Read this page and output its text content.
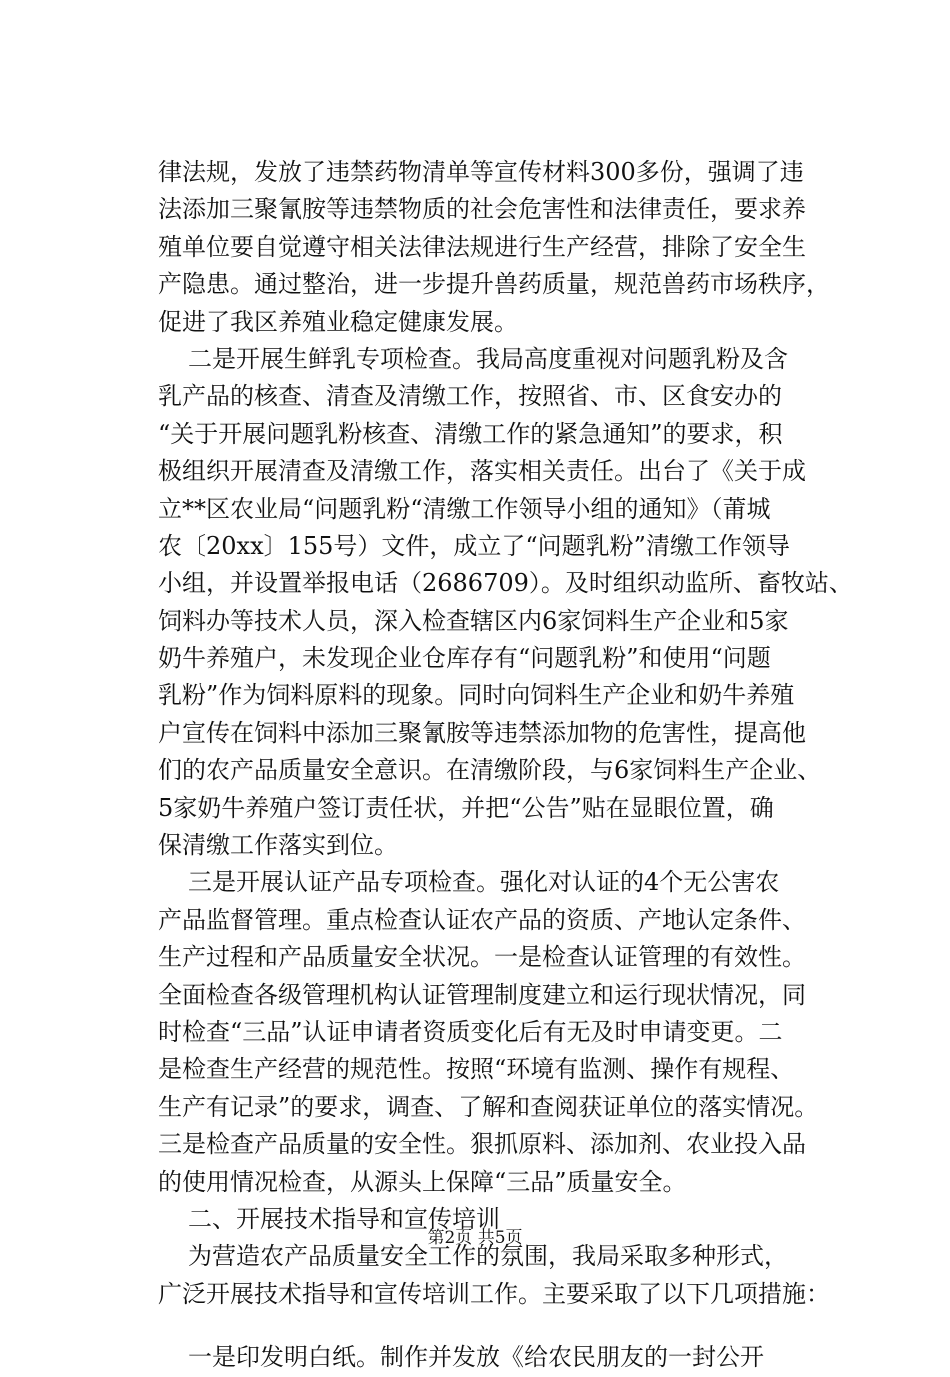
律法规，发放了违禁药物清单等宣传材料300多份，强调了违
法添加三聚氰胺等违禁物质的社会危害性和法律责任，要求养
殖单位要自觉遵守相关法律法规进行生产经营，排除了安全生
产隐患。通过整治，进一步提升兽药质量，规范兽药市场秩序，
促进了我区养殖业稳定健康发展。
二是开展生鲜乳专项检查。我局高度重视对问题乳粉及含
乳产品的核查、清查及清缴工作，按照省、市、区食安办的
“关于开展问题乳粉核查、清缴工作的紧急通知”的要求，积
极组织开展清查及清缴工作，落实相关责任。出台了《关于成
立**区农业局“问题乳粉“清缴工作领导小组的通知》（莆城
农〔20xx〕155号）文件，成立了“问题乳粉”清缴工作领导
小组，并设置举报电话（2686709）。及时组织动监所、畜牧站、
饲料办等技术人员，深入检查辖区内6家饲料生产企业和5家
奶牛养殖户，未发现企业仓库存有“问题乳粉”和使用“问题
乳粉”作为饲料原料的现象。同时向饲料生产企业和奶牛养殖
户宣传在饲料中添加三聚氰胺等违禁添加物的危害性，提高他
们的农产品质量安全意识。在清缴阶段，与6家饲料生产企业、
5家奶牛养殖户签订责任状，并把“公告”贴在显眼位置，确
保清缴工作落实到位。
三是开展认证产品专项检查。强化对认证的4个无公害农
产品监督管理。重点检查认证农产品的资质、产地认定条件、
生产过程和产品质量安全状况。一是检查认证管理的有效性。
全面检查各级管理机构认证管理制度建立和运行现状情况，同
时检查“三品”认证申请者资质变化后有无及时申请变更。二
是检查生产经营的规范性。按照“环境有监测、操作有规程、
生产有记录”的要求，调查、了解和查阅获证单位的落实情况。
三是检查产品质量的安全性。狠抓原料、添加剂、农业投入品
的使用情况检查，从源头上保障“三品”质量安全。
二、开展技术指导和宣传培训
为营造农产品质量安全工作的氛围，我局采取多种形式，
广泛开展技术指导和宣传培训工作。主要采取了以下几项措施：
一是印发明白纸。制作并发放《给农民朋友的一封公开
第2页 共5页
